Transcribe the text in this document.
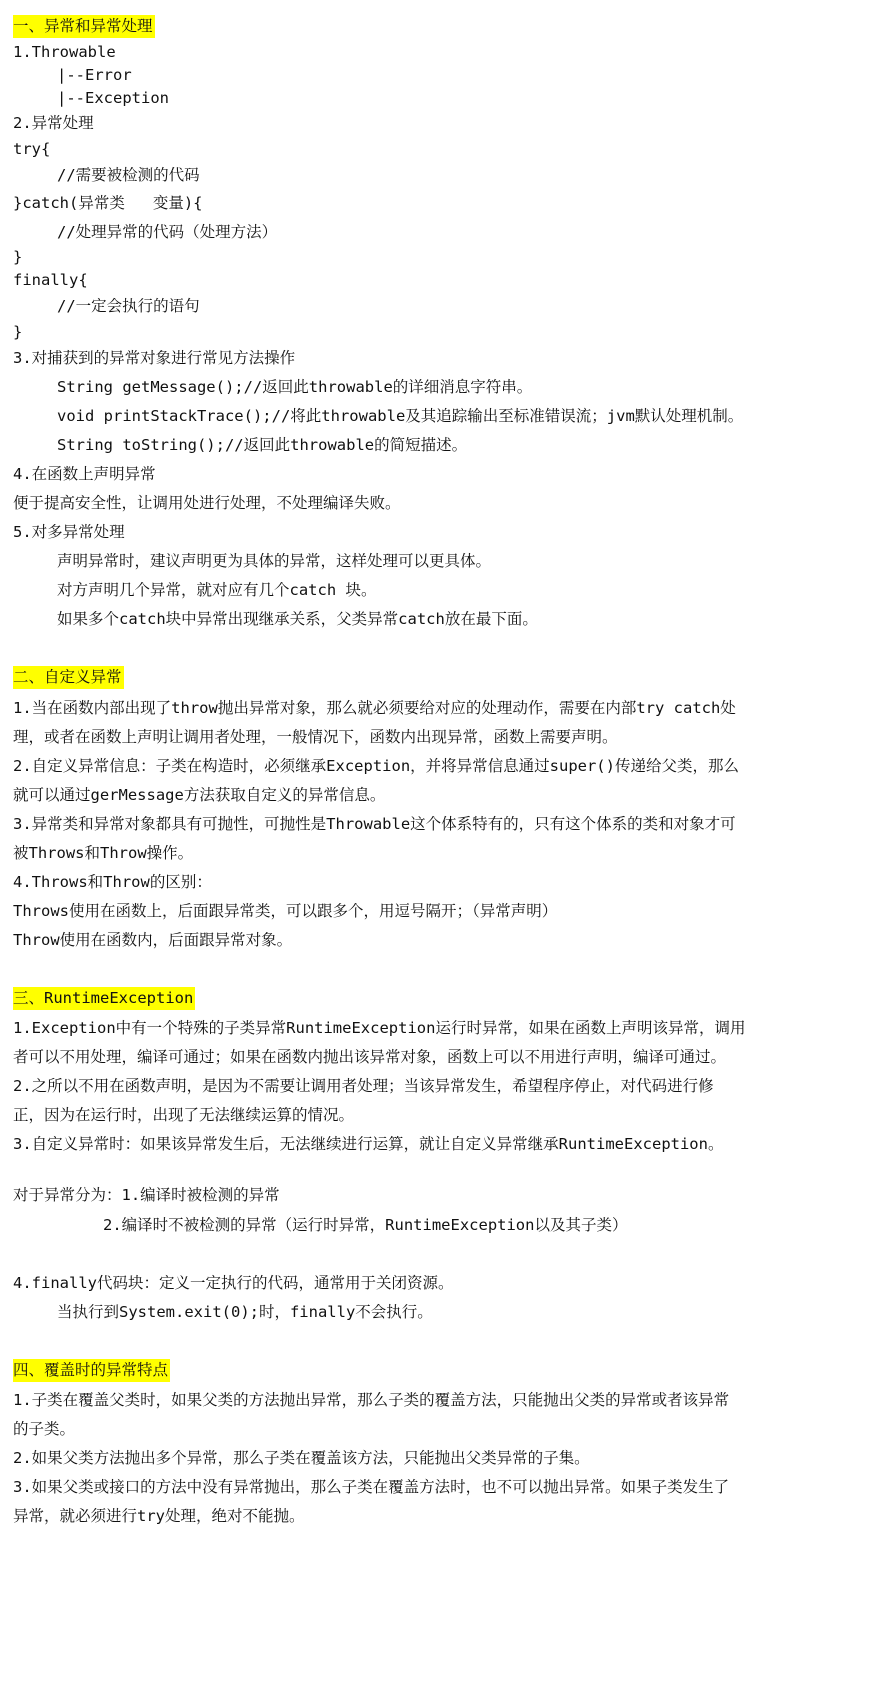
一、异常和异常处理
1.Throwable
|--Error
|--Exception
2.异常处理
try{
//需要被检测的代码
}catch(异常类   变量){
//处理异常的代码（处理方法）
}
finally{
//一定会执行的语句
}
3.对捕获到的异常对象进行常见方法操作
String getMessage();//返回此throwable的详细消息字符串。
void printStackTrace();//将此throwable及其追踪输出至标准错误流；jvm默认处理机制。
String toString();//返回此throwable的简短描述。
4.在函数上声明异常
便于提高安全性，让调用处进行处理，不处理编译失败。
5.对多异常处理
声明异常时，建议声明更为具体的异常，这样处理可以更具体。
对方声明几个异常，就对应有几个catch 块。
如果多个catch块中异常出现继承关系，父类异常catch放在最下面。
二、自定义异常
1.当在函数内部出现了throw抛出异常对象，那么就必须要给对应的处理动作，需要在内部try catch处
理，或者在函数上声明让调用者处理，一般情况下，函数内出现异常，函数上需要声明。
2.自定义异常信息：子类在构造时，必须继承Exception，并将异常信息通过super()传递给父类，那么
就可以通过gerMessage方法获取自定义的异常信息。
3.异常类和异常对象都具有可抛性，可抛性是Throwable这个体系特有的，只有这个体系的类和对象才可
被Throws和Throw操作。
4.Throws和Throw的区别：
Throws使用在函数上，后面跟异常类，可以跟多个，用逗号隔开；（异常声明）
Throw使用在函数内，后面跟异常对象。
三、RuntimeException
1.Exception中有一个特殊的子类异常RuntimeException运行时异常，如果在函数上声明该异常，调用
者可以不用处理，编译可通过；如果在函数内抛出该异常对象，函数上可以不用进行声明，编译可通过。
2.之所以不用在函数声明，是因为不需要让调用者处理；当该异常发生，希望程序停止，对代码进行修
正，因为在运行时，出现了无法继续运算的情况。
3.自定义异常时：如果该异常发生后，无法继续进行运算，就让自定义异常继承RuntimeException。
对于异常分为：1.编译时被检测的异常
2.编译时不被检测的异常（运行时异常，RuntimeException以及其子类）
4.finally代码块：定义一定执行的代码，通常用于关闭资源。
当执行到System.exit(0);时，finally不会执行。
四、覆盖时的异常特点
1.子类在覆盖父类时，如果父类的方法抛出异常，那么子类的覆盖方法，只能抛出父类的异常或者该异常
的子类。
2.如果父类方法抛出多个异常，那么子类在覆盖该方法，只能抛出父类异常的子集。
3.如果父类或接口的方法中没有异常抛出，那么子类在覆盖方法时，也不可以抛出异常。如果子类发生了
异常，就必须进行try处理，绝对不能抛。
